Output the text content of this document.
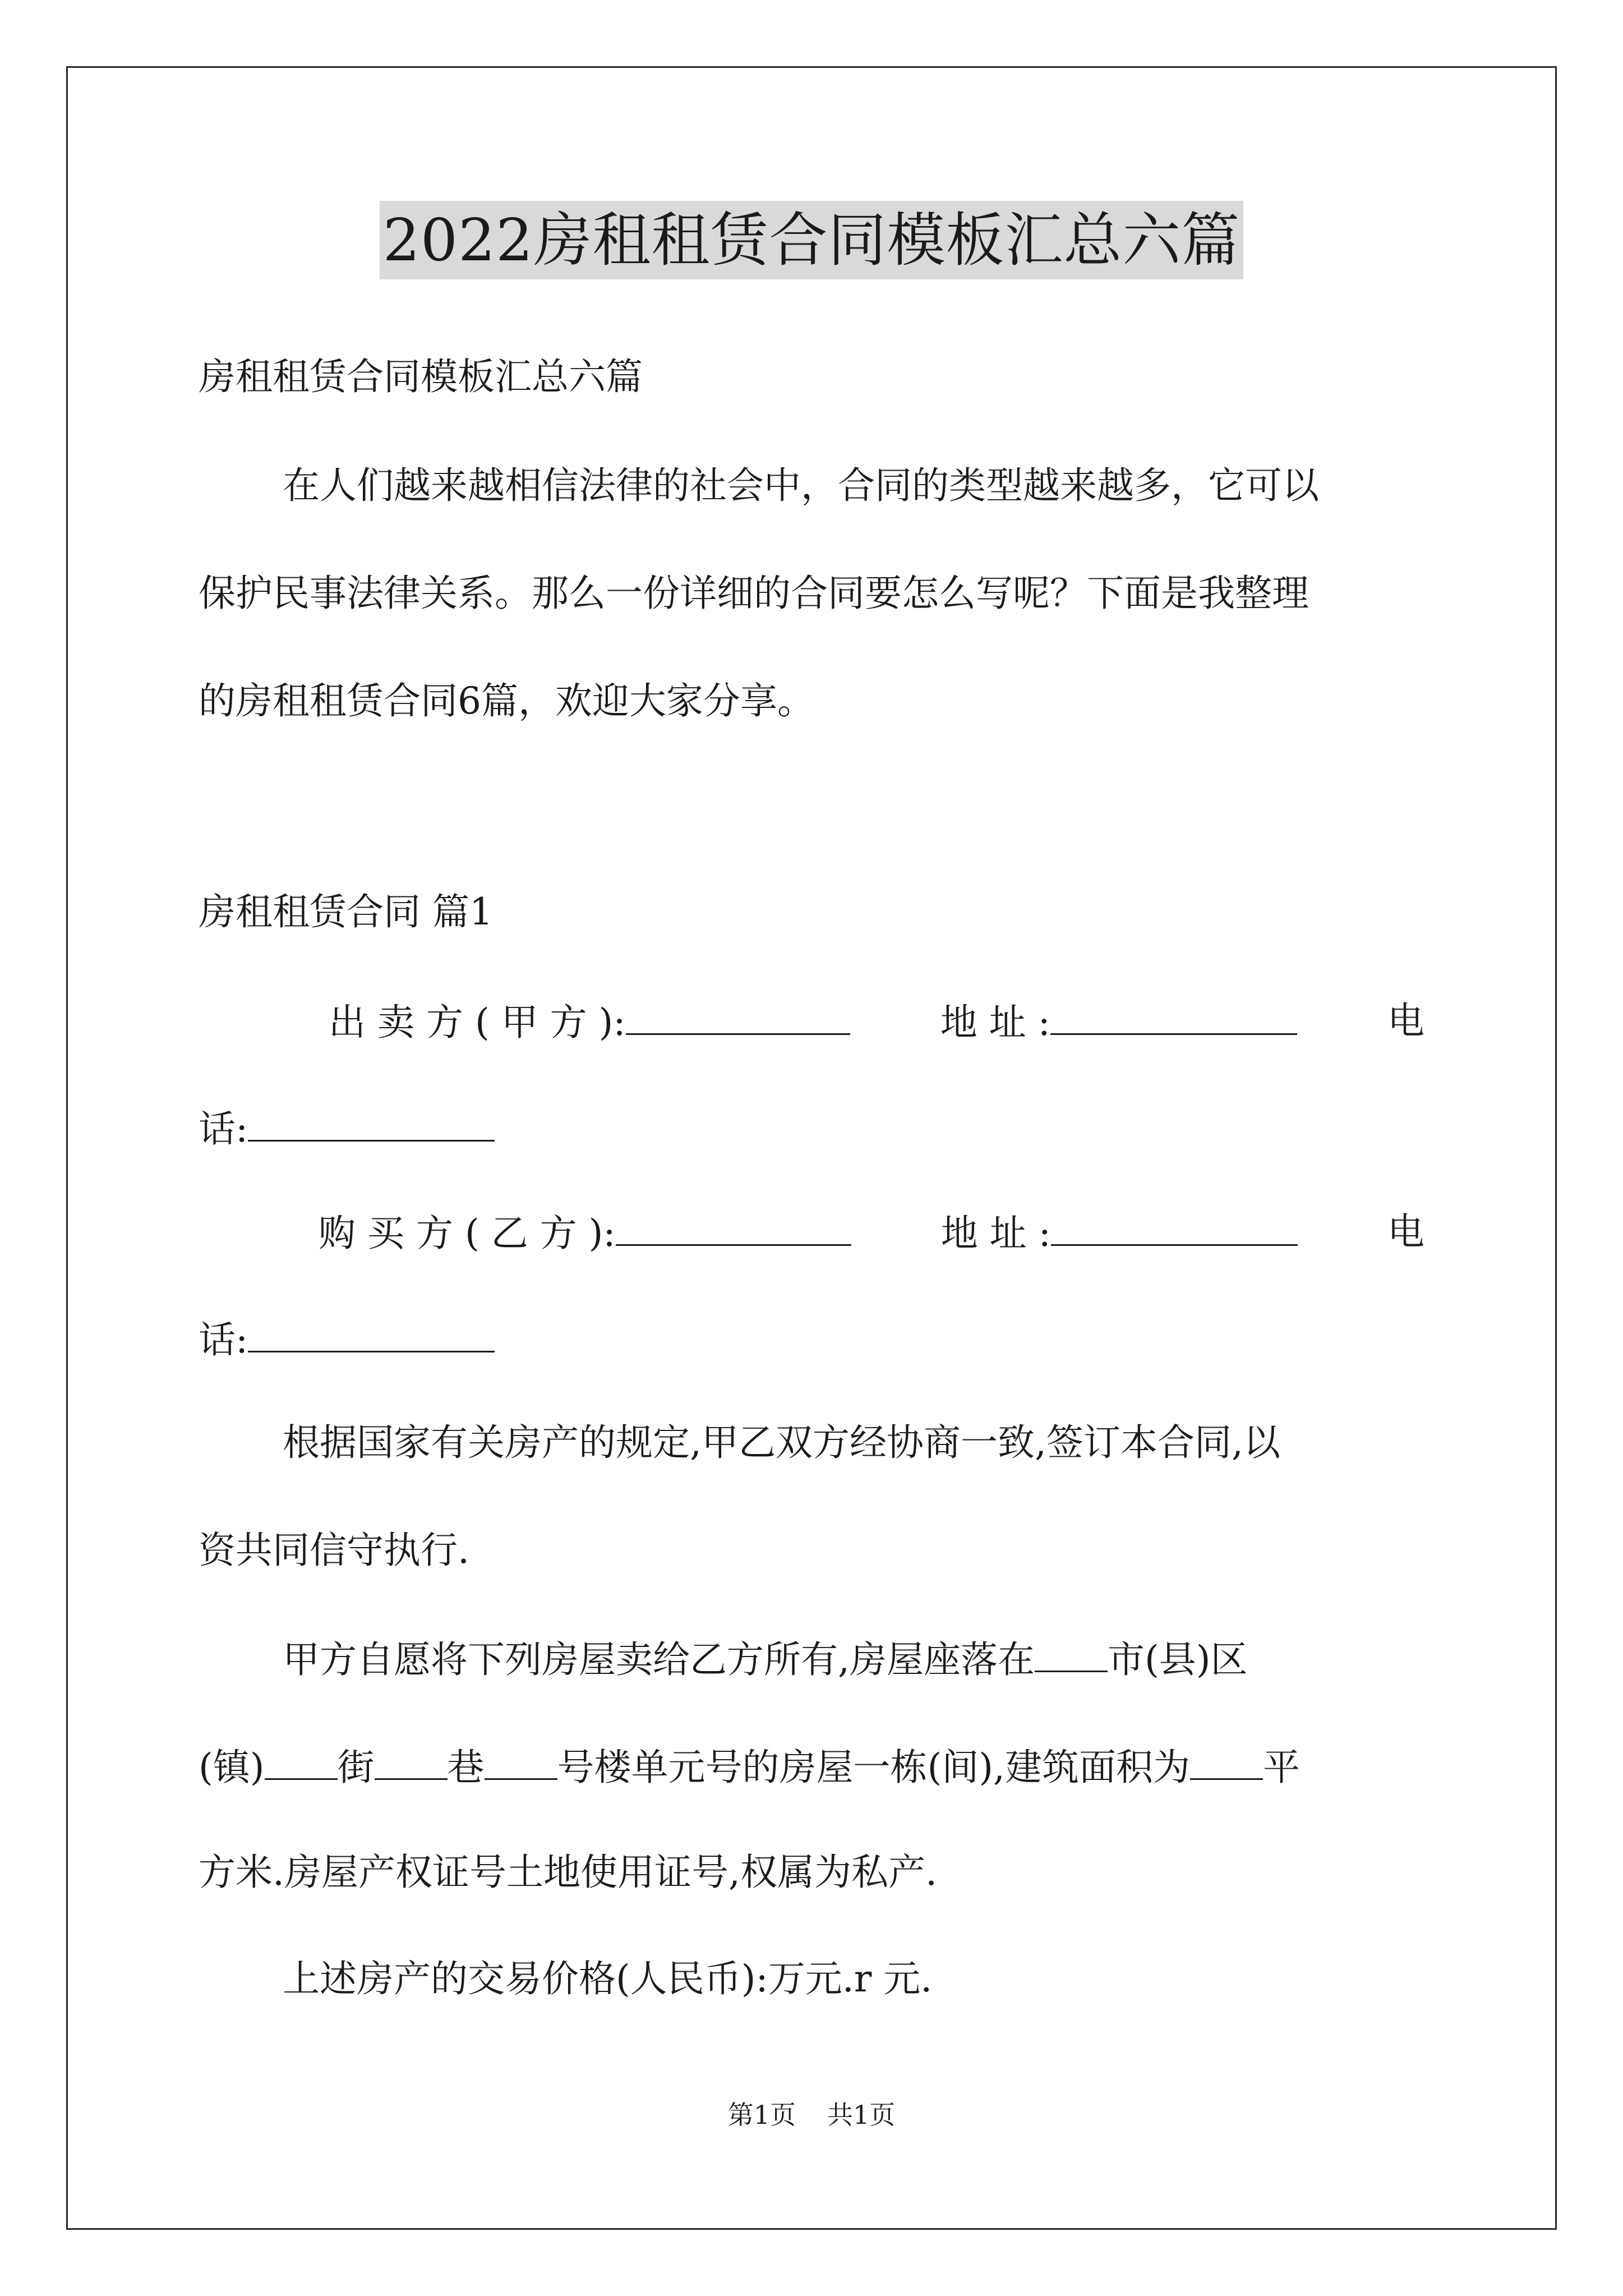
2022房租租赁合同模板汇总六篇
房租租赁合同模板汇总六篇
在人们越来越相信法律的社会中，合同的类型越来越多，它可以
保护民事法律关系。那么一份详细的合同要怎么写呢？下面是我整理
的房租租赁合同6篇，欢迎大家分享。
房租租赁合同 篇1
出 卖 方 ( 甲 方 ):	地 址 :	电
话:
购 买 方 ( 乙 方 ):	地 址 :	电
话:
根据国家有关房产的规定,甲乙双方经协商一致,签订本合同,以
资共同信守执行.
甲方自愿将下列房屋卖给乙方所有,房屋座落在 市(县)区
(镇) 街 巷 号楼单元号的房屋一栋(间),建筑面积为 平
方米.房屋产权证号土地使用证号,权属为私产.
上述房产的交易价格(人民币):万元.r 元.
第1页 共1页
